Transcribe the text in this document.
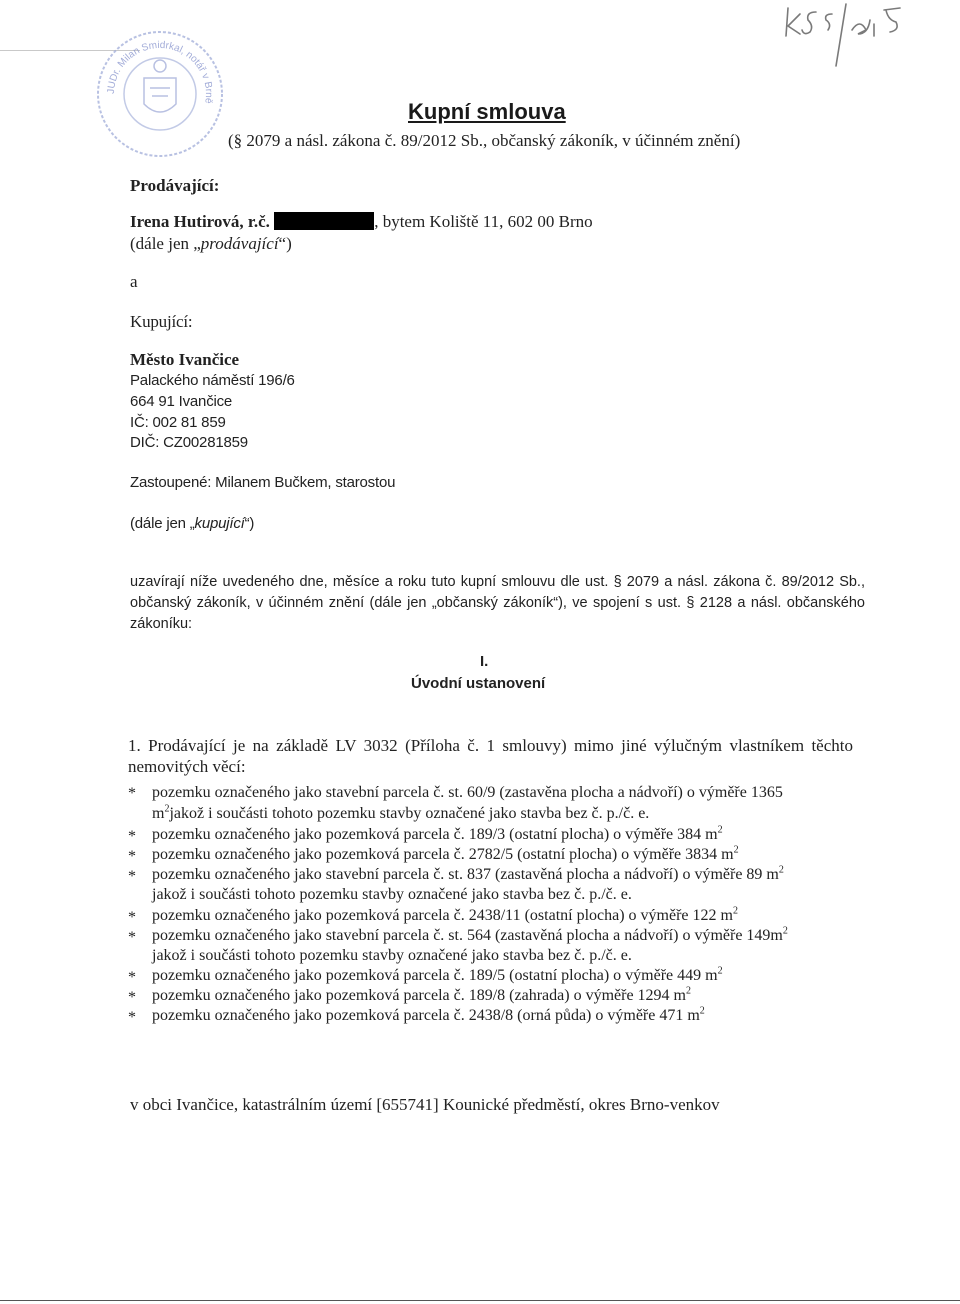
JUDr. Milan Smidrkal, notář v Brně	Kupní smlouva
(§ 2079 a násl. zákona č. 89/2012 Sb., občanský zákoník, v účinném znění)
Prodávající:
Irena Hutirová, r.č.	, bytem Koliště 11, 602 00 Brno
(dále jen „prodávající“)
a
Kupující:
Město Ivančice
Palackého náměstí 196/6
664 91 Ivančice
IČ: 002 81 859
DIČ: CZ00281859
Zastoupené: Milanem Bučkem, starostou
(dále jen „kupující“)
uzavírají níže uvedeného dne, měsíce a roku tuto kupní smlouvu dle ust. § 2079 a násl. zákona č. 89/2012 Sb., občanský zákoník, v účinném znění (dále jen „občanský zákoník“), ve spojení s ust. § 2128 a násl. občanského zákoníku:
I.
Úvodní ustanovení
1. Prodávající je na základě LV 3032 (Příloha č. 1 smlouvy) mimo jiné výlučným vlastníkem těchto nemovitých věcí:
* pozemku označeného jako stavební parcela č. st. 60/9 (zastavěna plocha a nádvoří) o výměře 1365
$m^2jakož$ i součásti tohoto pozemku stavby označené jako stavba bez č. p./č. e.
* pozemku označeného jako pozemková parcela č. 189/3 (ostatní plocha) o výměře 384 $m^2$
* pozemku označeného jako pozemková parcela č. 2782/5 (ostatní plocha) o výměře 3834 $m^2$
* pozemku označeného jako stavební parcela č. st. 837 (zastavěná plocha a nádvoří) o výměře 89 $m^2$
jakož i součásti tohoto pozemku stavby označené jako stavba bez č. p./č. e.
* pozemku označeného jako pozemková parcela č. 2438/11 (ostatní plocha) o výměře 122 $m^2$
* pozemku označeného jako stavební parcela č. st. 564 (zastavěná plocha a nádvoří) o výměře $149m^2$
jakož i součásti tohoto pozemku stavby označené jako stavba bez č. p./č. e.
* pozemku označeného jako pozemková parcela č. 189/5 (ostatní plocha) o výměře 449 $m^2$
* pozemku označeného jako pozemková parcela č. 189/8 (zahrada) o výměře 1294 $m^2$
* pozemku označeného jako pozemková parcela č. 2438/8 (orná půda) o výměře 471 $m^2$
v obci Ivančice, katastrálním území [655741] Kounické předměstí, okres Brno-venkov
